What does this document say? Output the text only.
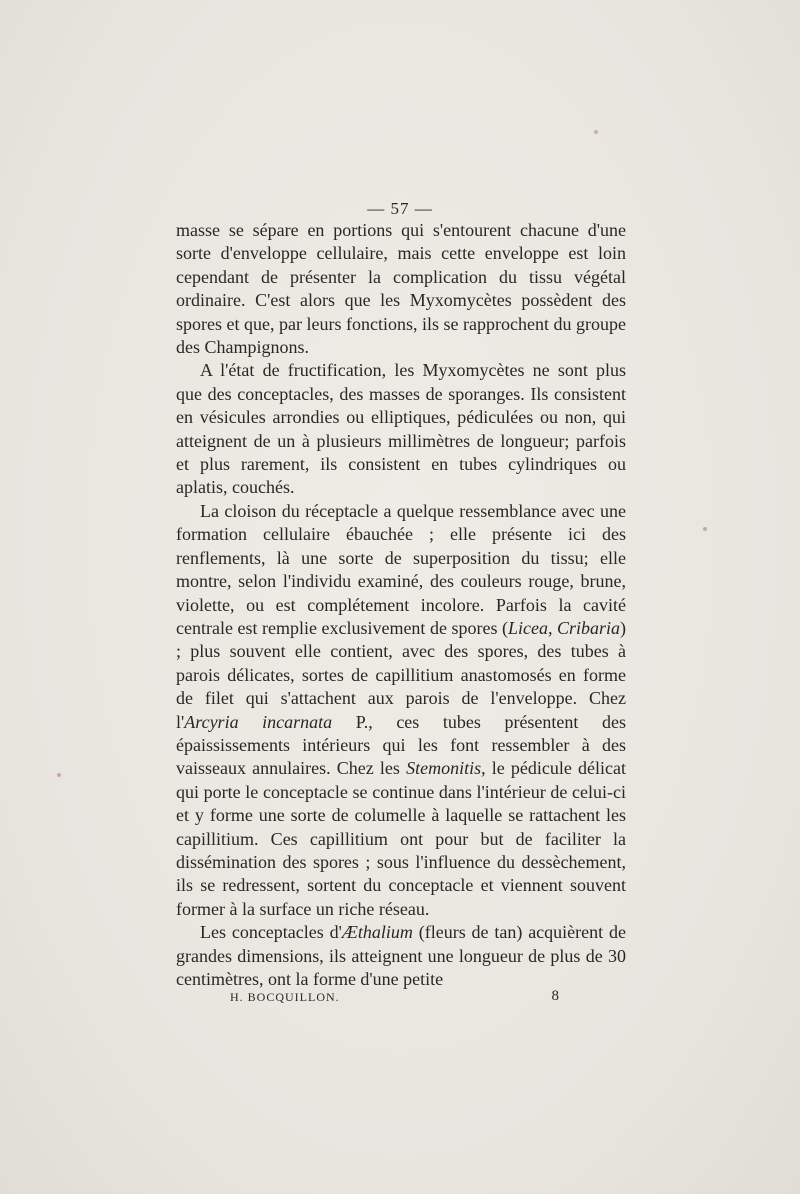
— 57 —

masse se sépare en portions qui s'entourent chacune d'une sorte d'enveloppe cellulaire, mais cette enveloppe est loin cependant de présenter la complication du tissu végétal ordinaire. C'est alors que les Myxomycètes possèdent des spores et que, par leurs fonctions, ils se rapprochent du groupe des Champignons.

A l'état de fructification, les Myxomycètes ne sont plus que des conceptacles, des masses de sporanges. Ils consistent en vésicules arrondies ou elliptiques, pédiculées ou non, qui atteignent de un à plusieurs millimètres de longueur; parfois et plus rarement, ils consistent en tubes cylindriques ou aplatis, couchés.

La cloison du réceptacle a quelque ressemblance avec une formation cellulaire ébauchée ; elle présente ici des renflements, là une sorte de superposition du tissu; elle montre, selon l'individu examiné, des couleurs rouge, brune, violette, ou est complétement incolore. Parfois la cavité centrale est remplie exclusivement de spores (Licea, Cribaria) ; plus souvent elle contient, avec des spores, des tubes à parois délicates, sortes de capillitium anastomosés en forme de filet qui s'attachent aux parois de l'enveloppe. Chez l'Arcyria incarnata P., ces tubes présentent des épaississements intérieurs qui les font ressembler à des vaisseaux annulaires. Chez les Stemonitis, le pédicule délicat qui porte le conceptacle se continue dans l'intérieur de celui-ci et y forme une sorte de columelle à laquelle se rattachent les capillitium. Ces capillitium ont pour but de faciliter la dissémination des spores ; sous l'influence du dessèchement, ils se redressent, sortent du conceptacle et viennent souvent former à la surface un riche réseau.

Les conceptacles d'Æthalium (fleurs de tan) acquièrent de grandes dimensions, ils atteignent une longueur de plus de 30 centimètres, ont la forme d'une petite

H. BOCQUILLON.	8
